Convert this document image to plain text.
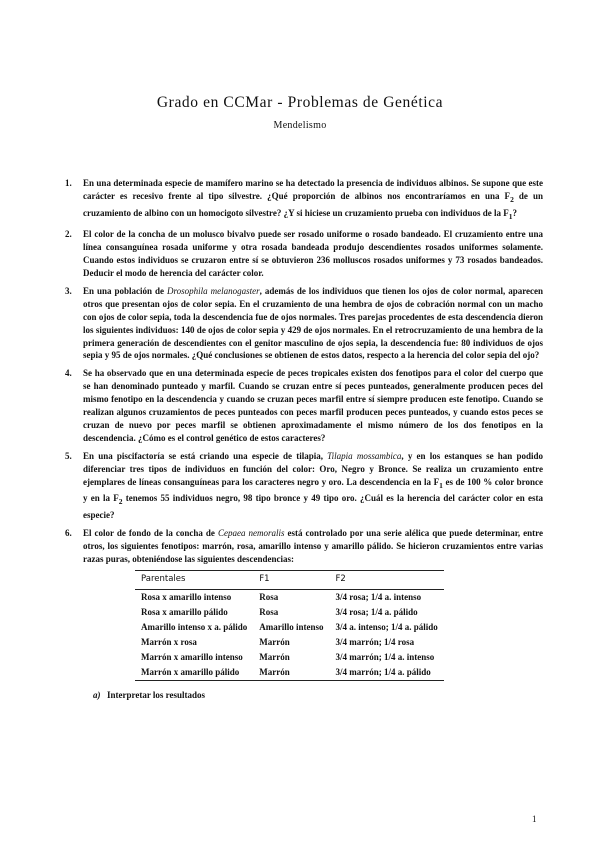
Grado en CCMar - Problemas de Genética
Mendelismo
1.	En una determinada especie de mamífero marino se ha detectado la presencia de individuos albinos. Se supone que este carácter es recesivo frente al tipo silvestre. ¿Qué proporción de albinos nos encontraríamos en una $F_2$ de un cruzamiento de albino con un homocigoto silvestre? ¿Y si hiciese un cruzamiento prueba con individuos de la $F_1$?
2.	El color de la concha de un molusco bivalvo puede ser rosado uniforme o rosado bandeado. El cruzamiento entre una línea consanguínea rosada uniforme y otra rosada bandeada produjo descendientes rosados uniformes solamente. Cuando estos individuos se cruzaron entre sí se obtuvieron 236 molluscos rosados uniformes y 73 rosados bandeados. Deducir el modo de herencia del carácter color.
3.	En una población de Drosophila melanogaster, además de los individuos que tienen los ojos de color normal, aparecen otros que presentan ojos de color sepia. En el cruzamiento de una hembra de ojos de cobración normal con un macho con ojos de color sepia, toda la descendencia fue de ojos normales. Tres parejas procedentes de esta descendencia dieron los siguientes individuos: 140 de ojos de color sepia y 429 de ojos normales. En el retrocruzamiento de una hembra de la primera generación de descendientes con el genitor masculino de ojos sepia, la descendencia fue: 80 individuos de ojos sepia y 95 de ojos normales. ¿Qué conclusiones se obtienen de estos datos, respecto a la herencia del color sepia del ojo?
4.	Se ha observado que en una determinada especie de peces tropicales existen dos fenotipos para el color del cuerpo que se han denominado punteado y marfil. Cuando se cruzan entre sí peces punteados, generalmente producen peces del mismo fenotipo en la descendencia y cuando se cruzan peces marfil entre sí siempre producen este fenotipo. Cuando se realizan algunos cruzamientos de peces punteados con peces marfil producen peces punteados, y cuando estos peces se cruzan de nuevo por peces marfil se obtienen aproximadamente el mismo número de los dos fenotipos en la descendencia. ¿Cómo es el control genético de estos caracteres?
5.	En una piscifactoría se está criando una especie de tilapia, Tilapia mossambica, y en los estanques se han podido diferenciar tres tipos de individuos en función del color: Oro, Negro y Bronce. Se realiza un cruzamiento entre ejemplares de líneas consanguíneas para los caracteres negro y oro. La descendencia en la $F_1$ es de 100 % color bronce y en la $F_2$ tenemos 55 individuos negro, 98 tipo bronce y 49 tipo oro. ¿Cuál es la herencia del carácter color en esta especie?
6.	El color de fondo de la concha de Cepaea nemoralis está controlado por una serie alélica que puede determinar, entre otros, los siguientes fenotipos: marrón, rosa, amarillo intenso y amarillo pálido. Se hicieron cruzamientos entre varias razas puras, obteniéndose las siguientes descendencias:
Parentales	F1	F2
Rosa x amarillo intenso	Rosa	3/4 rosa; 1/4 a. intenso
Rosa x amarillo pálido	Rosa	3/4 rosa; 1/4 a. pálido
Amarillo intenso x a. pálido	Amarillo intenso	3/4 a. intenso; 1/4 a. pálido
Marrón x rosa	Marrón	3/4 marrón; 1/4 rosa
Marrón x amarillo intenso	Marrón	3/4 marrón; 1/4 a. intenso
Marrón x amarillo pálido	Marrón	3/4 marrón; 1/4 a. pálido
a) Interpretar los resultados
1
